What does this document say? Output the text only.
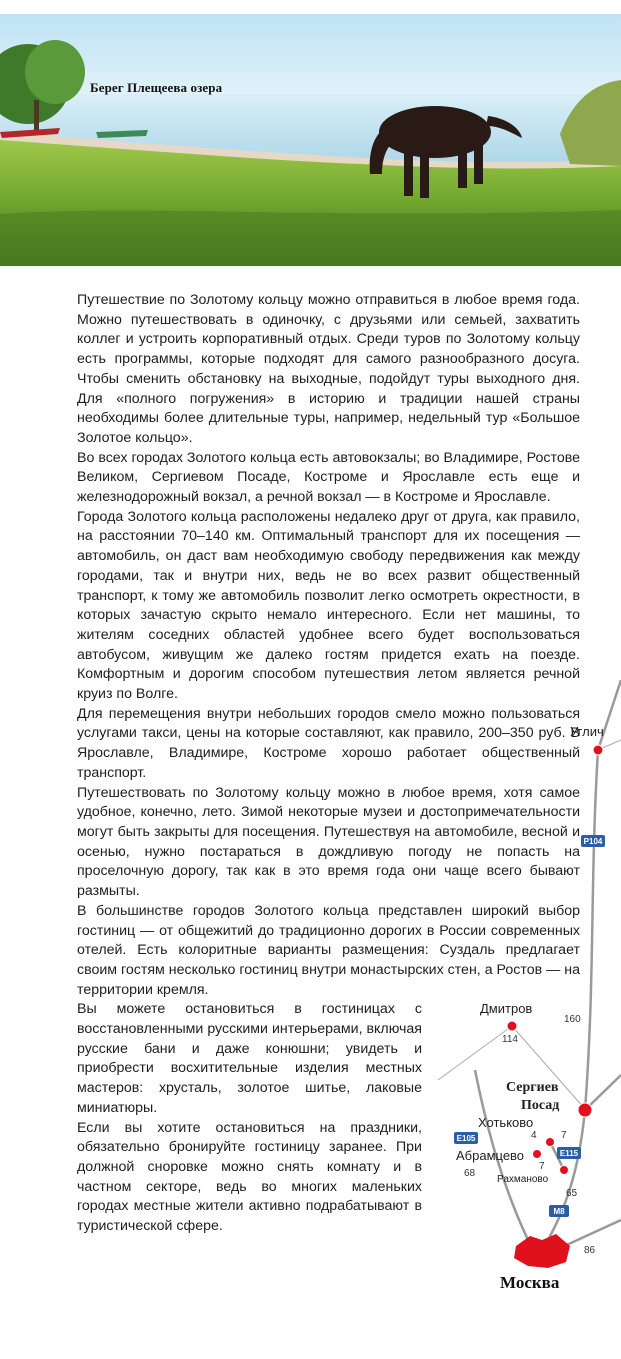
Берег Плещеева озера

Путешествие по Золотому кольцу можно отправиться в любое время года. Можно путешествовать в одиночку, с друзьями или семьей, захватить коллег и устроить корпоративный отдых. Среди туров по Золотому кольцу есть программы, которые подходят для самого разнообразного досуга. Чтобы сменить обстановку на выходные, подойдут туры выходного дня. Для «полного погружения» в историю и традиции нашей страны необходимы более длительные туры, например, недельный тур «Большое Золотое кольцо».

Во всех городах Золотого кольца есть автовокзалы; во Владимире, Ростове Великом, Сергиевом Посаде, Костроме и Ярославле есть еще и железнодорожный вокзал, а речной вокзал — в Костроме и Ярославле.

Города Золотого кольца расположены недалеко друг от друга, как правило, на расстоянии 70–140 км. Оптимальный транспорт для их посещения — автомобиль, он даст вам необходимую свободу передвижения как между городами, так и внутри них, ведь не во всех развит общественный транспорт, к тому же автомобиль позволит легко осмотреть окрестности, в которых зачастую скрыто немало интересного. Если нет машины, то жителям соседних областей удобнее всего будет воспользоваться автобусом, живущим же далеко гостям придется ехать на поезде. Комфортным и дорогим способом путешествия летом является речной круиз по Волге.

Для перемещения внутри небольших городов смело можно пользоваться услугами такси, цены на которые составляют, как правило, 200–350 руб. В Ярославле, Владимире, Костроме хорошо работает общественный транспорт.

Путешествовать по Золотому кольцу можно в любое время, хотя самое удобное, конечно, лето. Зимой некоторые музеи и достопримечательности могут быть закрыты для посещения. Путешествуя на автомобиле, весной и осенью, нужно постараться в дождливую погоду не попасть на проселочную дорогу, так как в это время года они чаще всего бывают размыты.

В большинстве городов Золотого кольца представлен широкий выбор гостиниц — от общежитий до традиционно дорогих в России современных отелей. Есть колоритные варианты размещения: Суздаль предлагает своим гостям несколько гостиниц внутри монастырских стен, а Ростов — на территории кремля.

Вы можете остановиться в гостиницах с восстановленными русскими интерьерами, включая русские бани и даже конюшни; увидеть и приобрести восхитительные изделия местных мастеров: хрусталь, золотое шитье, лаковые миниатюры.

Если вы хотите остановиться на праздники, обязательно бронируйте гостиницу заранее. При должной сноровке можно снять комнату и в частном секторе, ведь во многих маленьких городах местные жители активно подрабатывают в туристической сфере.

Углич
Дмитров
Сергиев
Посад
Хотьково
Абрамцево
Рахманово
Москва
160
114
4 7
7
68
65
86
P104
E105
E115
M8
